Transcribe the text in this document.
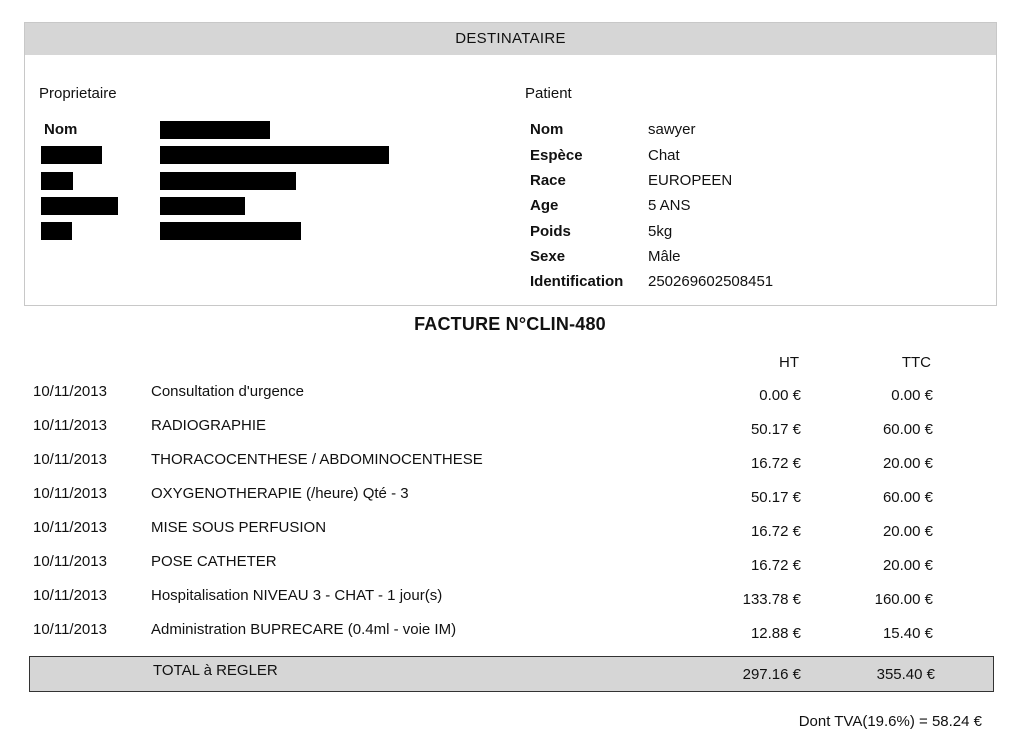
DESTINATAIRE
Proprietaire
Nom
Patient
Nom	sawyer
Espèce	Chat
Race	EUROPEEN
Age	5 ANS
Poids	5kg
Sexe	Mâle
Identification 250269602508451
FACTURE N°CLIN-480
HT	TTC
10/11/2013	Consultation d'urgence	0.00 €	0.00 €
10/11/2013	RADIOGRAPHIE	50.17 €	60.00 €
10/11/2013	THORACOCENTHESE / ABDOMINOCENTHESE	16.72 €	20.00 €
10/11/2013	OXYGENOTHERAPIE (/heure) Qté - 3	50.17 €	60.00 €
10/11/2013	MISE SOUS PERFUSION	16.72 €	20.00 €
10/11/2013	POSE CATHETER	16.72 €	20.00 €
10/11/2013	Hospitalisation NIVEAU 3 - CHAT - 1 jour(s)	133.78 €	160.00 €
10/11/2013	Administration BUPRECARE (0.4ml - voie IM)	12.88 €	15.40 €
TOTAL à REGLER	297.16 €	355.40 €
Dont TVA(19.6%) = 58.24 €
